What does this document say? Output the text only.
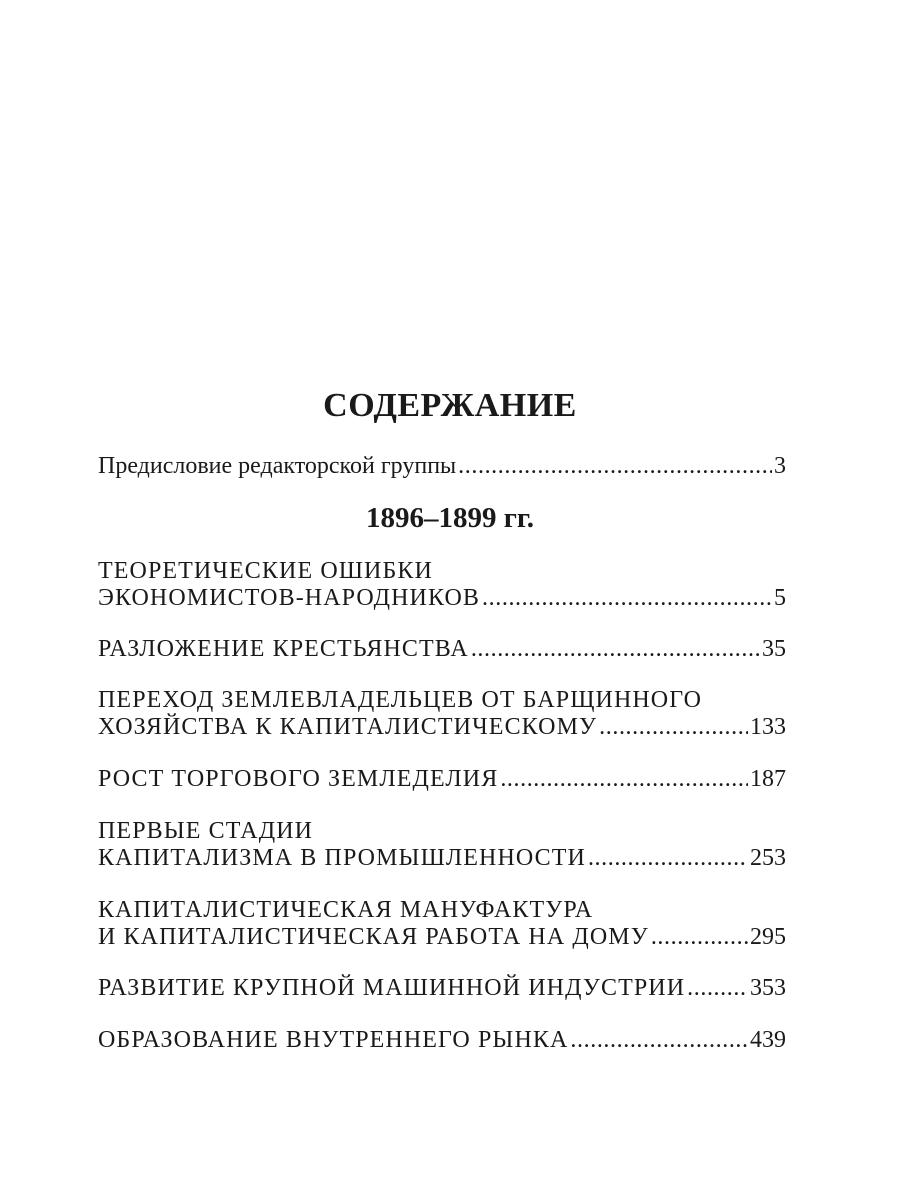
СОДЕРЖАНИЕ
Предисловие редакторской группы .....	3
1896–1899 гг.
ТЕОРЕТИЧЕСКИЕ ОШИБКИ
ЭКОНОМИСТОВ-НАРОДНИКОВ .....	5
РАЗЛОЖЕНИЕ КРЕСТЬЯНСТВА .....	35
ПЕРЕХОД ЗЕМЛЕВЛАДЕЛЬЦЕВ ОТ БАРЩИННОГО
ХОЗЯЙСТВА К КАПИТАЛИСТИЧЕСКОМУ .....	133
РОСТ ТОРГОВОГО ЗЕМЛЕДЕЛИЯ .....	187
ПЕРВЫЕ СТАДИИ
КАПИТАЛИЗМА В ПРОМЫШЛЕННОСТИ .....	253
КАПИТАЛИСТИЧЕСКАЯ МАНУФАКТУРА
И КАПИТАЛИСТИЧЕСКАЯ РАБОТА НА ДОМУ .....	295
РАЗВИТИЕ КРУПНОЙ МАШИННОЙ ИНДУСТРИИ .....	353
ОБРАЗОВАНИЕ ВНУТРЕННЕГО РЫНКА .....	439
